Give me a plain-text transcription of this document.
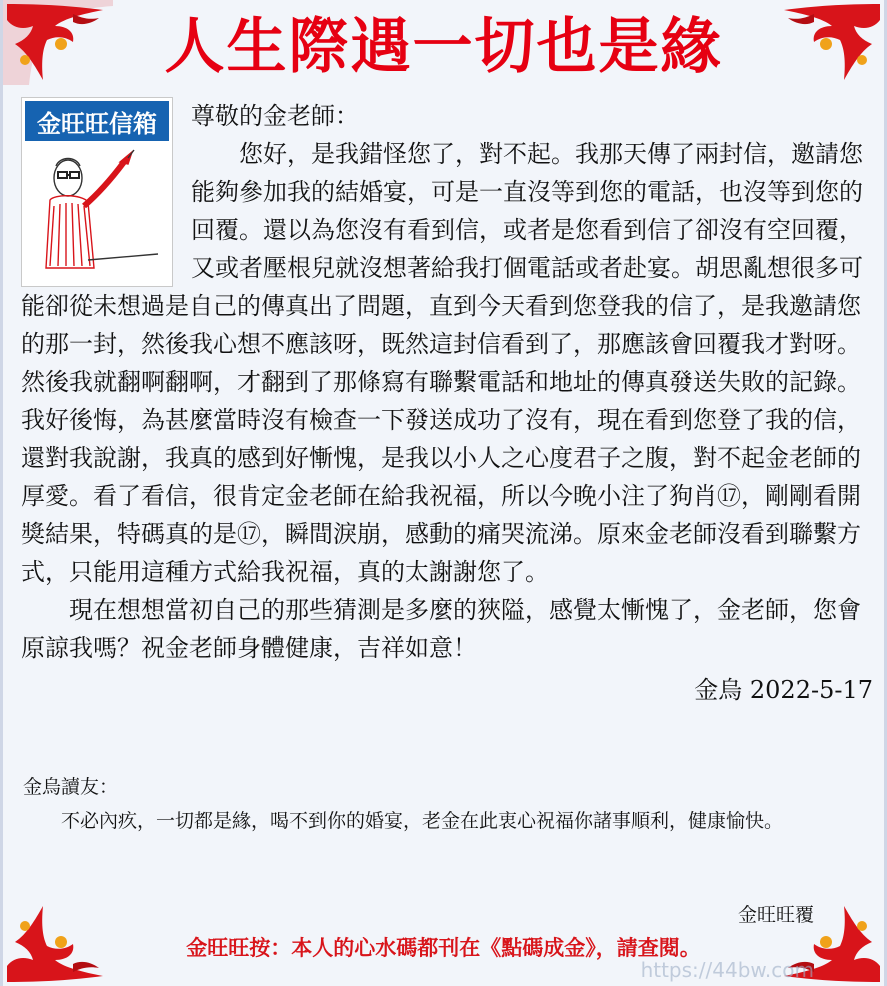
人生際遇一切也是緣
金旺旺信箱	尊敬的金老師：

您好，是我錯怪您了，對不起。我那天傳了兩封信，邀請您能夠參加我的結婚宴，可是一直沒等到您的電話，也沒等到您的回覆。還以為您沒有看到信，或者是您看到信了卻沒有空回覆，又或者壓根兒就沒想著給我打個電話或者赴宴。胡思亂想很多可能卻從未想過是自己的傳真出了問題，直到今天看到您登我的信了，是我邀請您的那一封，然後我心想不應該呀，既然這封信看到了，那應該會回覆我才對呀。然後我就翻啊翻啊，才翻到了那條寫有聯繫電話和地址的傳真發送失敗的記錄。我好後悔，為甚麼當時沒有檢查一下發送成功了沒有，現在看到您登了我的信，還對我說謝，我真的感到好慚愧，是我以小人之心度君子之腹，對不起金老師的厚愛。看了看信，很肯定金老師在給我祝福，所以今晚小注了狗肖⑰，剛剛看開獎結果，特碼真的是⑰，瞬間淚崩，感動的痛哭流涕。原來金老師沒看到聯繫方式，只能用這種方式給我祝福，真的太謝謝您了。

現在想想當初自己的那些猜測是多麼的狹隘，感覺太慚愧了，金老師，您會原諒我嗎？祝金老師身體健康，吉祥如意！

金烏 2022-5-17

金烏讀友：

不必內疚，一切都是緣，喝不到你的婚宴，老金在此衷心祝福你諸事順利，健康愉快。

金旺旺覆
金旺旺按：本人的心水碼都刊在《點碼成金》，請查閱。
https://44bw.com
